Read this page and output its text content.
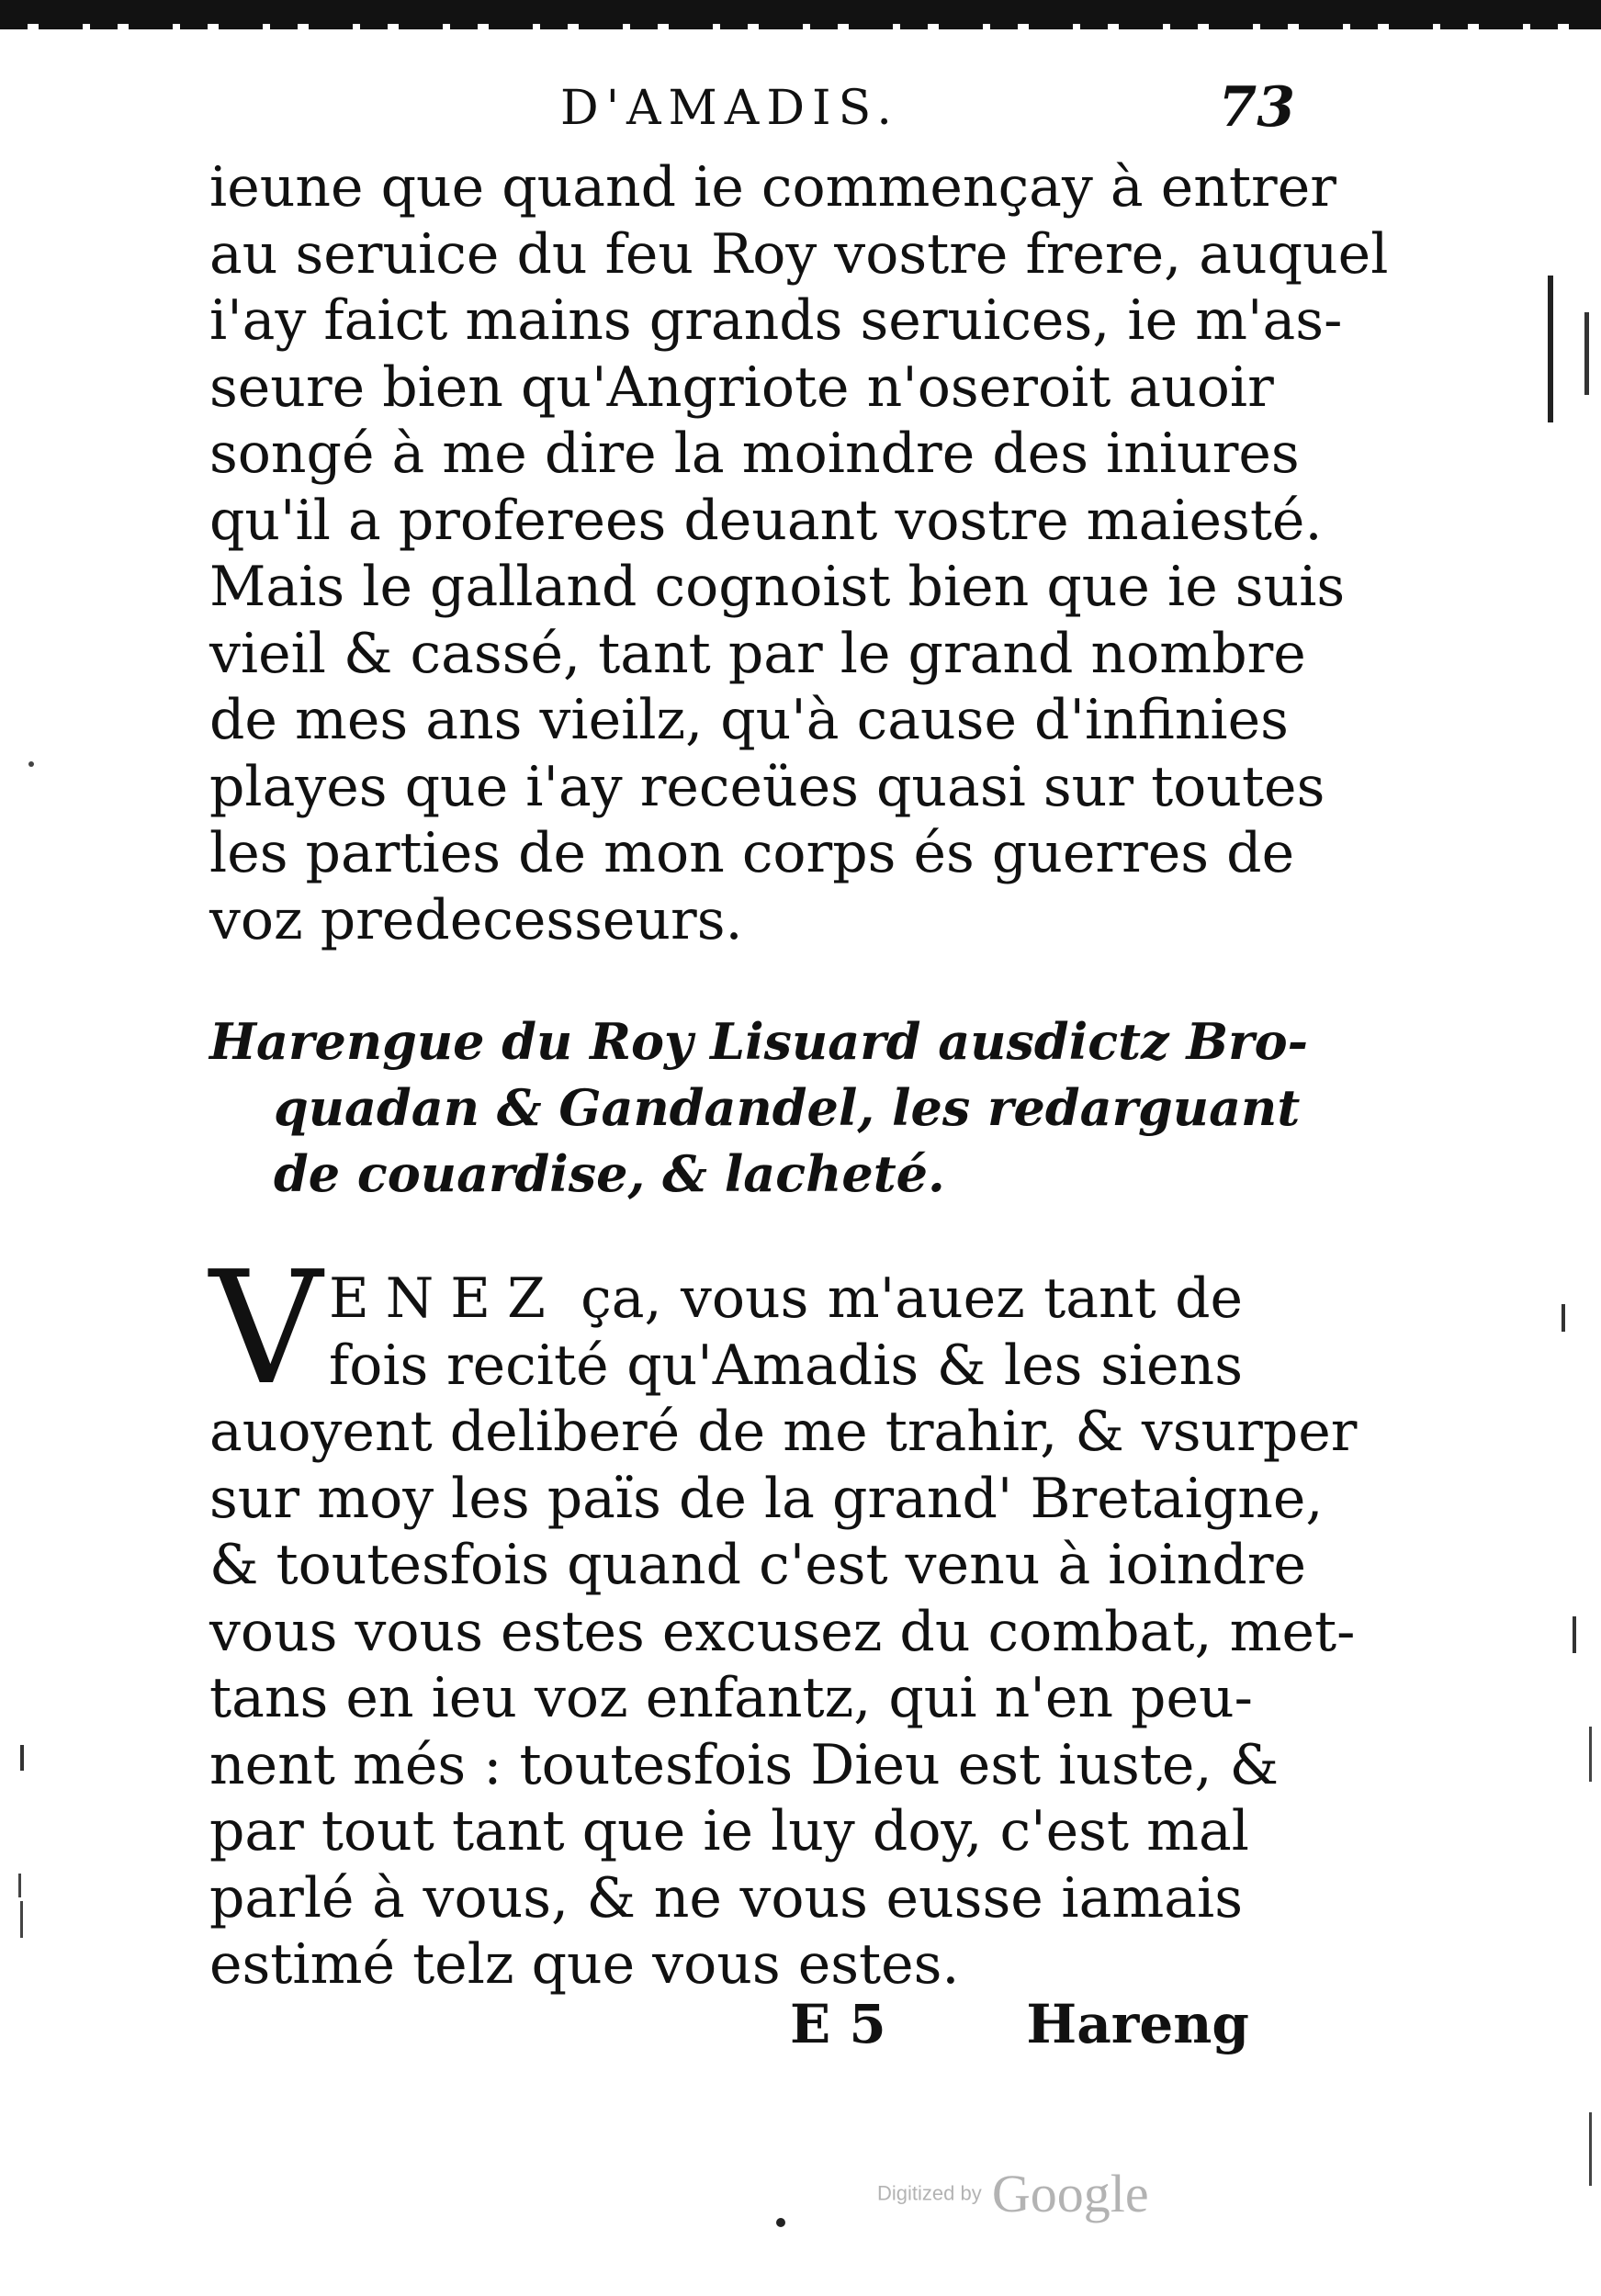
D'AMADIS.	73

ieune que quand ie commençay à entrer
au seruice du feu Roy vostre frere, auquel
i'ay faict mains grands seruices, ie m'as-
seure bien qu'Angriote n'oseroit auoir
songé à me dire la moindre des iniures
qu'il a proferees deuant vostre maiesté.
Mais le galland cognoist bien que ie suis
vieil & cassé, tant par le grand nombre
de mes ans vieilz, qu'à cause d'infinies
playes que i'ay receües quasi sur toutes
les parties de mon corps és guerres de
voz predecesseurs.

Harengue du Roy Lisuard ausdictz Bro-
quadan & Gandandel, les redarguant
de couardise, & lacheté.
V ENEZ ça, vous m'auez tant de
fois recité qu'Amadis & les siens
auoyent deliberé de me trahir, & vsurper
sur moy les païs de la grand' Bretaigne,
& toutesfois quand c'est venu à ioindre
vous vous estes excusez du combat, met-
tans en ieu voz enfantz, qui n'en peu-
nent més : toutesfois Dieu est iuste, &
par tout tant que ie luy doy, c'est mal
parlé à vous, & ne vous eusse iamais
estimé telz que vous estes.

E 5	Hareng
Digitized by Google
